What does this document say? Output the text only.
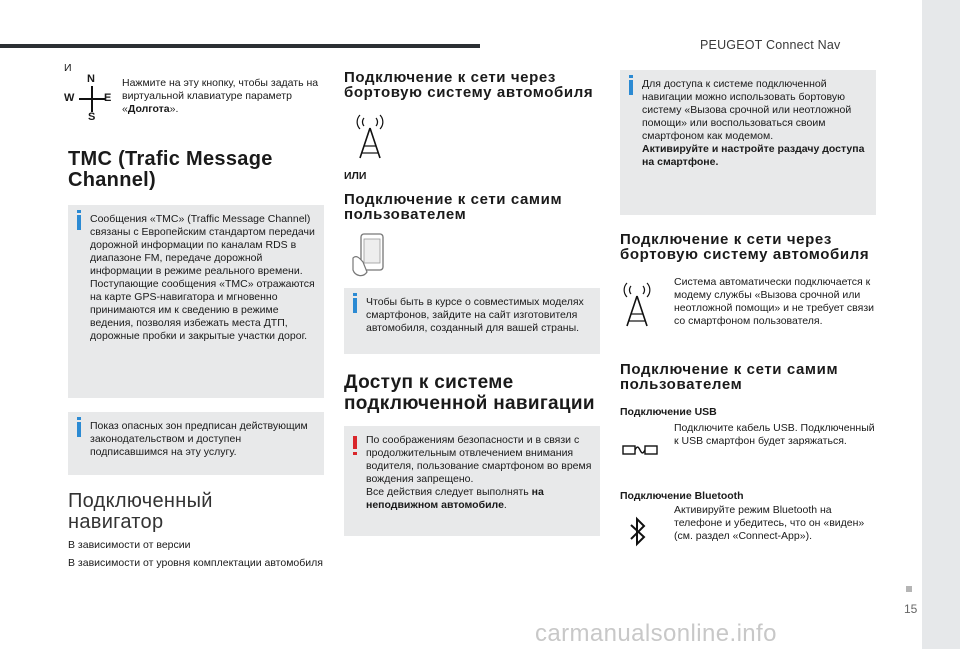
PEUGEOT Connect Nav
И
N
E
S
W
Нажмите на эту кнопку, чтобы задать на виртуальной клавиатуре параметр «Долгота».
TMC (Trafic Message Channel)
Сообщения «TMC» (Traffic Message Channel) связаны с Европейским стандартом передачи дорожной информации по каналам RDS в диапазоне FM, передаче дорожной информации в режиме реального времени. Поступающие сообщения «TMC» отражаются на карте GPS-навигатора и мгновенно принимаются им к сведению в режиме ведения, позволяя избежать места ДТП, дорожные пробки и закрытые участки дорог.
Показ опасных зон предписан действующим законодательством и доступен подписавшимся на эту услугу.
Подключенный навигатор
В зависимости от версии
В зависимости от уровня комплектации автомобиля
Подключение к сети через бортовую систему автомобиля
ИЛИ
Подключение к сети самим пользователем
Чтобы быть в курсе о совместимых моделях смартфонов, зайдите на сайт изготовителя автомобиля, созданный для вашей страны.
Доступ к системе подключенной навигации
По соображениям безопасности и в связи с продолжительным отвлечением внимания водителя, пользование смартфоном во время вождения запрещено.
Все действия следует выполнять на неподвижном автомобиле.
Для доступа к системе подключенной навигации можно использовать бортовую систему «Вызова срочной или неотложной помощи» или воспользоваться своим смартфоном как модемом.
Активируйте и настройте раздачу доступа на смартфоне.
Подключение к сети через бортовую систему автомобиля
Система автоматически подключается к модему службы «Вызова срочной или неотложной помощи» и не требует связи со смартфоном пользователя.
Подключение к сети самим пользователем
Подключение USB
Подключите кабель USB. Подключенный к USB смартфон будет заряжаться.
Подключение Bluetooth
Активируйте режим Bluetooth на телефоне и убедитесь, что он «виден» (см. раздел «Connect-App»).
15
carmanualsonline.info
